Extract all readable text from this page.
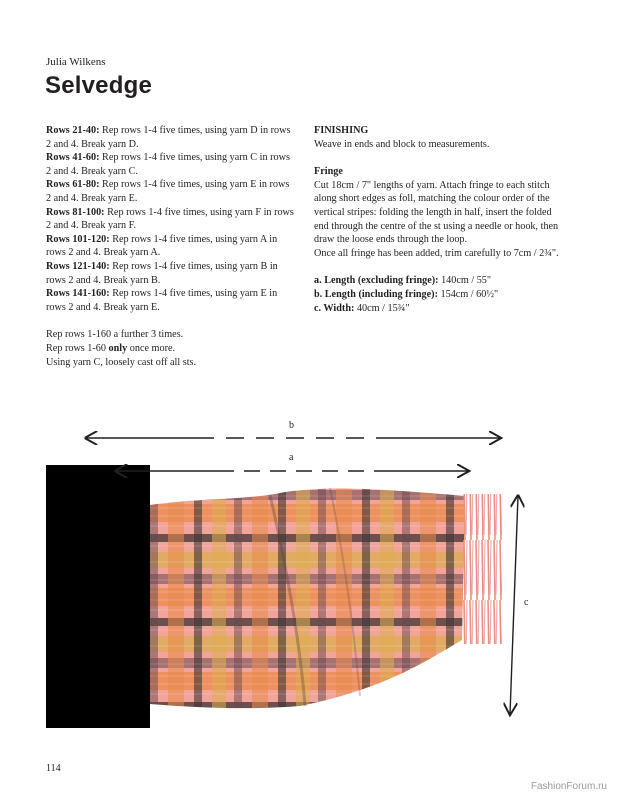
Julia Wilkens
Selvedge

Rows 21-40: Rep rows 1-4 five times, using yarn D in rows 2 and 4. Break yarn D.

Rows 41-60: Rep rows 1-4 five times, using yarn C in rows 2 and 4. Break yarn C.

Rows 61-80: Rep rows 1-4 five times, using yarn E in rows 2 and 4. Break yarn E.

Rows 81-100: Rep rows 1-4 five times, using yarn F in rows 2 and 4. Break yarn F.

Rows 101-120: Rep rows 1-4 five times, using yarn A in rows 2 and 4. Break yarn A.

Rows 121-140: Rep rows 1-4 five times, using yarn B in rows 2 and 4. Break yarn B.

Rows 141-160: Rep rows 1-4 five times, using yarn E in rows 2 and 4. Break yarn E.

Rep rows 1-160 a further 3 times.

Rep rows 1-60 only once more.

Using yarn C, loosely cast off all sts.

FINISHING

Weave in ends and block to measurements.

Fringe

Cut 18cm / 7" lengths of yarn. Attach fringe to each stitch along short edges as foll, matching the colour order of the vertical stripes: folding the length in half, insert the folded end through the centre of the st using a needle or hook, then draw the loose ends through the loop.

Once all fringe has been added, trim carefully to 7cm / 2¾".

a. Length (excluding fringe): 140cm / 55"

b. Length (including fringe): 154cm / 60½"

c. Width: 40cm / 15¾"

b
a
c
114
FashionForum.ru
